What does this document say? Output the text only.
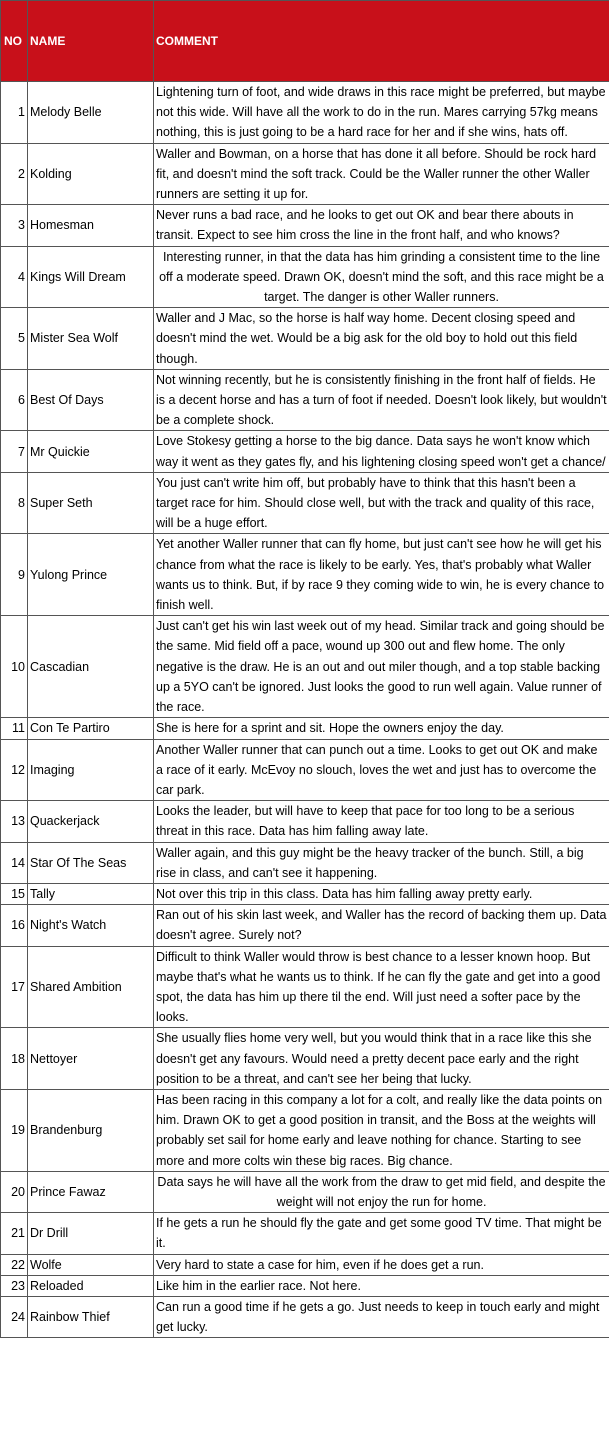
NO	NAME	COMMENT
1	Melody Belle	Lightening turn of foot, and wide draws in this race might be preferred, but maybe not this wide. Will have all the work to do in the run. Mares carrying 57kg means nothing, this is just going to be a hard race for her and if she wins, hats off.
2	Kolding	Waller and Bowman, on a horse that has done it all before. Should be rock hard fit, and doesn't mind the soft track. Could be the Waller runner the other Waller runners are setting it up for.
3	Homesman	Never runs a bad race, and he looks to get out OK and bear there abouts in transit. Expect to see him cross the line in the front half, and who knows?
4	Kings Will Dream	Interesting runner, in that the data has him grinding a consistent time to the line off a moderate speed. Drawn OK, doesn't mind the soft, and this race might be a target. The danger is other Waller runners.
5	Mister Sea Wolf	Waller and J Mac, so the horse is half way home. Decent closing speed and doesn't mind the wet. Would be a big ask for the old boy to hold out this field though.
6	Best Of Days	Not winning recently, but he is consistently finishing in the front half of fields. He is a decent horse and has a turn of foot if needed. Doesn't look likely, but wouldn't be a complete shock.
7	Mr Quickie	Love Stokesy getting a horse to the big dance. Data says he won't know which way it went as they gates fly, and his lightening closing speed won't get a chance/
8	Super Seth	You just can't write him off, but probably have to think that this hasn't been a target race for him. Should close well, but with the track and quality of this race, will be a huge effort.
9	Yulong Prince	Yet another Waller runner that can fly home, but just can't see how he will get his chance from what the race is likely to be early. Yes, that's probably what Waller wants us to think. But, if by race 9 they coming wide to win, he is every chance to finish well.
10	Cascadian	Just can't get his win last week out of my head. Similar track and going should be the same. Mid field off a pace, wound up 300 out and flew home. The only negative is the draw. He is an out and out miler though, and a top stable backing up a 5YO can't be ignored. Just looks the good to run well again. Value runner of the race.
11	Con Te Partiro	She is here for a sprint and sit. Hope the owners enjoy the day.
12	Imaging	Another Waller runner that can punch out a time. Looks to get out OK and make a race of it early. McEvoy no slouch, loves the wet and just has to overcome the car park.
13	Quackerjack	Looks the leader, but will have to keep that pace for too long to be a serious threat in this race. Data has him falling away late.
14	Star Of The Seas	Waller again, and this guy might be the heavy tracker of the bunch. Still, a big rise in class, and can't see it happening.
15	Tally	Not over this trip in this class. Data has him falling away pretty early.
16	Night's Watch	Ran out of his skin last week, and Waller has the record of backing them up. Data doesn't agree. Surely not?
17	Shared Ambition	Difficult to think Waller would throw is best chance to a lesser known hoop. But maybe that's what he wants us to think. If he can fly the gate and get into a good spot, the data has him up there til the end. Will just need a softer pace by the looks.
18	Nettoyer	She usually flies home very well, but you would think that in a race like this she doesn't get any favours. Would need a pretty decent pace early and the right position to be a threat, and can't see her being that lucky.
19	Brandenburg	Has been racing in this company a lot for a colt, and really like the data points on him. Drawn OK to get a good position in transit, and the Boss at the weights will probably set sail for home early and leave nothing for chance. Starting to see more and more colts win these big races. Big chance.
20	Prince Fawaz	Data says he will have all the work from the draw to get mid field, and despite the weight will not enjoy the run for home.
21	Dr Drill	If he gets a run he should fly the gate and get some good TV time. That might be it.
22	Wolfe	Very hard to state a case for him, even if he does get a run.
23	Reloaded	Like him in the earlier race. Not here.
24	Rainbow Thief	Can run a good time if he gets a go. Just needs to keep in touch early and might get lucky.
